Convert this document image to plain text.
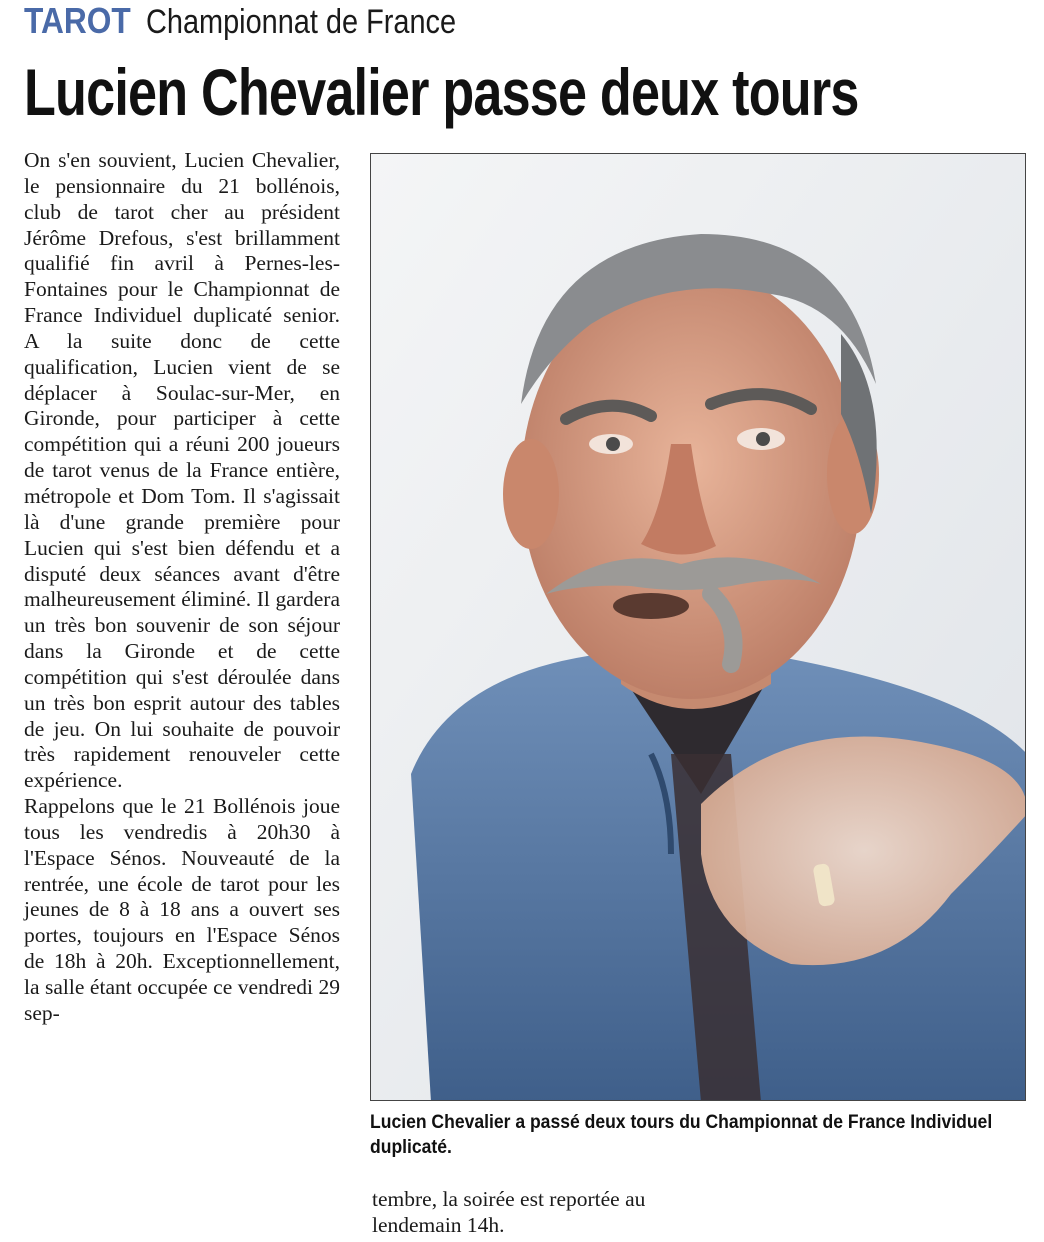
TAROT Championnat de France
Lucien Chevalier passe deux tours

On s'en souvient, Lucien Chevalier, le pensionnaire du 21 bollénois, club de tarot cher au président Jérôme Drefous, s'est brillamment qualifié fin avril à Pernes-les-Fontaines pour le Championnat de France Individuel duplicaté senior. A la suite donc de cette qualification, Lucien vient de se déplacer à Soulac-sur-Mer, en Gironde, pour participer à cette compétition qui a réuni 200 joueurs de tarot venus de la France entière, métropole et Dom Tom. Il s'agissait là d'une grande première pour Lucien qui s'est bien défendu et a disputé deux séances avant d'être malheureusement éliminé. Il gardera un très bon souvenir de son séjour dans la Gironde et de cette compétition qui s'est déroulée dans un très bon esprit autour des tables de jeu. On lui souhaite de pouvoir très rapidement renouveler cette expérience.

Rappelons que le 21 Bollénois joue tous les vendredis à 20h30 à l'Espace Sénos. Nouveauté de la rentrée, une école de tarot pour les jeunes de 8 à 18 ans a ouvert ses portes, toujours en l'Espace Sénos de 18h à 20h. Exceptionnellement, la salle étant occupée ce vendredi 29 sep-

Lucien Chevalier a passé deux tours du Championnat de France Individuel duplicaté.

tembre, la soirée est reportée au lendemain 14h.
